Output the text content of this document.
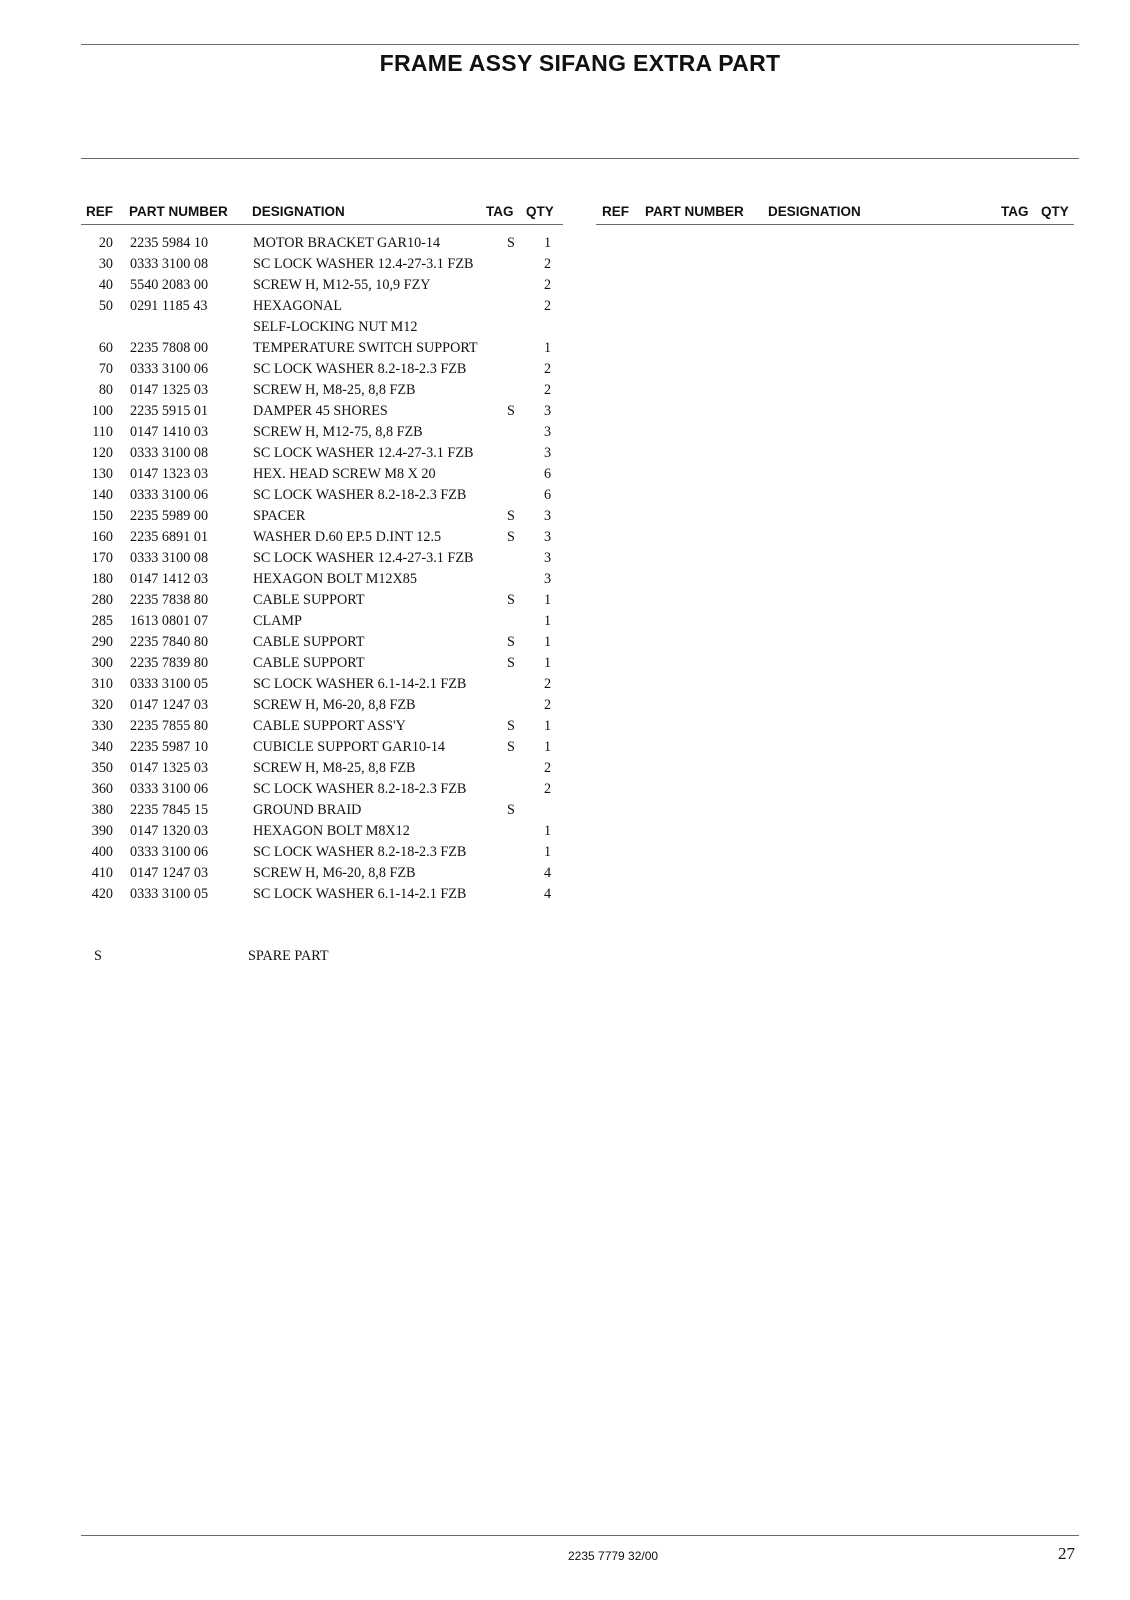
FRAME ASSY SIFANG EXTRA PART
REF PART NUMBER DESIGNATION	TAG QTY	REF PART NUMBER DESIGNATION	TAG QTY
20 2235 5984 10	MOTOR BRACKET GAR10-14	S 1
30 0333 3100 08	SC LOCK WASHER 12.4-27-3.1 FZB	2
40 5540 2083 00	SCREW H, M12-55, 10,9 FZY	2
50 0291 1185 43	HEXAGONAL	2
SELF-LOCKING NUT M12
60 2235 7808 00	TEMPERATURE SWITCH SUPPORT	1
70 0333 3100 06	SC LOCK WASHER 8.2-18-2.3 FZB	2
80 0147 1325 03	SCREW H, M8-25, 8,8 FZB	2
100 2235 5915 01	DAMPER 45 SHORES	S 3
110 0147 1410 03	SCREW H, M12-75, 8,8 FZB	3
120 0333 3100 08	SC LOCK WASHER 12.4-27-3.1 FZB	3
130 0147 1323 03	HEX. HEAD SCREW M8 X 20	6
140 0333 3100 06	SC LOCK WASHER 8.2-18-2.3 FZB	6
150 2235 5989 00	SPACER	S 3
160 2235 6891 01	WASHER D.60 EP.5 D.INT 12.5	S 3
170 0333 3100 08	SC LOCK WASHER 12.4-27-3.1 FZB	3
180 0147 1412 03	HEXAGON BOLT M12X85	3
280 2235 7838 80	CABLE SUPPORT	S 1
285 1613 0801 07	CLAMP	1
290 2235 7840 80	CABLE SUPPORT	S 1
300 2235 7839 80	CABLE SUPPORT	S 1
310 0333 3100 05	SC LOCK WASHER 6.1-14-2.1 FZB	2
320 0147 1247 03	SCREW H, M6-20, 8,8 FZB	2
330 2235 7855 80	CABLE SUPPORT ASS'Y	S 1
340 2235 5987 10	CUBICLE SUPPORT GAR10-14	S 1
350 0147 1325 03	SCREW H, M8-25, 8,8 FZB	2
360 0333 3100 06	SC LOCK WASHER 8.2-18-2.3 FZB	2
380 2235 7845 15	GROUND BRAID	S
390 0147 1320 03	HEXAGON BOLT M8X12	1
400 0333 3100 06	SC LOCK WASHER 8.2-18-2.3 FZB	1
410 0147 1247 03	SCREW H, M6-20, 8,8 FZB	4
420 0333 3100 05	SC LOCK WASHER 6.1-14-2.1 FZB	4
S	SPARE PART
2235 7779 32/00	27
